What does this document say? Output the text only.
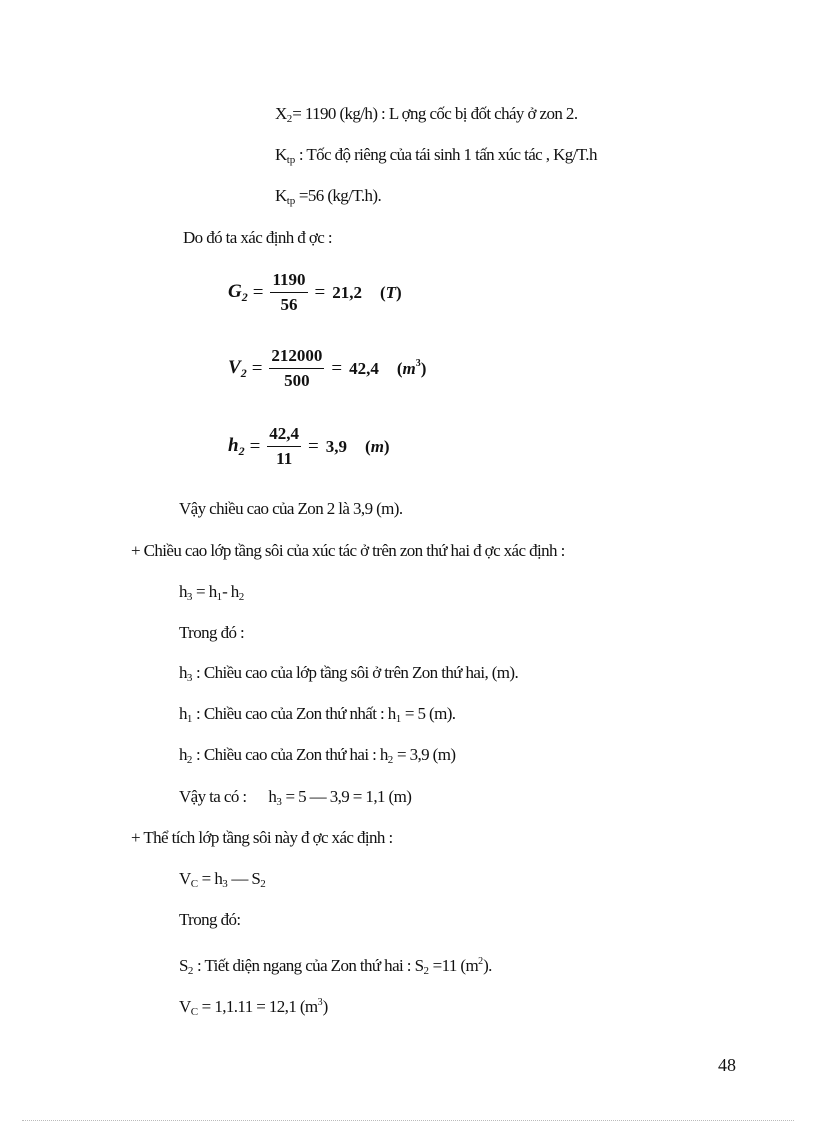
$X_2= 1190$ (kg/h) : L ợng cốc bị đốt cháy ở zon 2.
$K_{tp}$ : Tốc độ riêng của tái sinh 1 tấn xúc tác , Kg/T.h
$K_{tp} =56$ (kg/T.h).
Do đó ta xác định đ ợc :
$G_2 = \frac{1190}{56} = 21,2$ (T)
$V_2 = \frac{212000}{500} = 42,4$ $(m^3)$
$h_2 = \frac{42,4}{11} = 3,9$ (m)
Vậy chiều cao của Zon 2 là 3,9 (m).
+ Chiều cao lớp tầng sôi của xúc tác ở trên zon thứ hai đ ợc xác định :
$h_3 = h_1-$ $h_2$
Trong đó :
$h_3$ : Chiều cao của lớp tầng sôi ở trên Zon thứ hai, (m).
$h_1$ : Chiều cao của Zon thứ nhất : $h_1 = 5$ (m).
$h_2$ : Chiều cao của Zon thứ hai : $h_2 = 3,9$ (m)
Vậy ta có :      $h_3 = 5$ — 3,9 = 1,1 (m)
+ Thể tích lớp tầng sôi này đ ợc xác định :
$V_C = h_3$ — $S_2$
Trong đó:
$S_2$ : Tiết diện ngang của Zon thứ hai : $S_2 =11$ $(m^2)$.
$V_C = 1,1.11 = 12,1$ $(m^3)$
48
